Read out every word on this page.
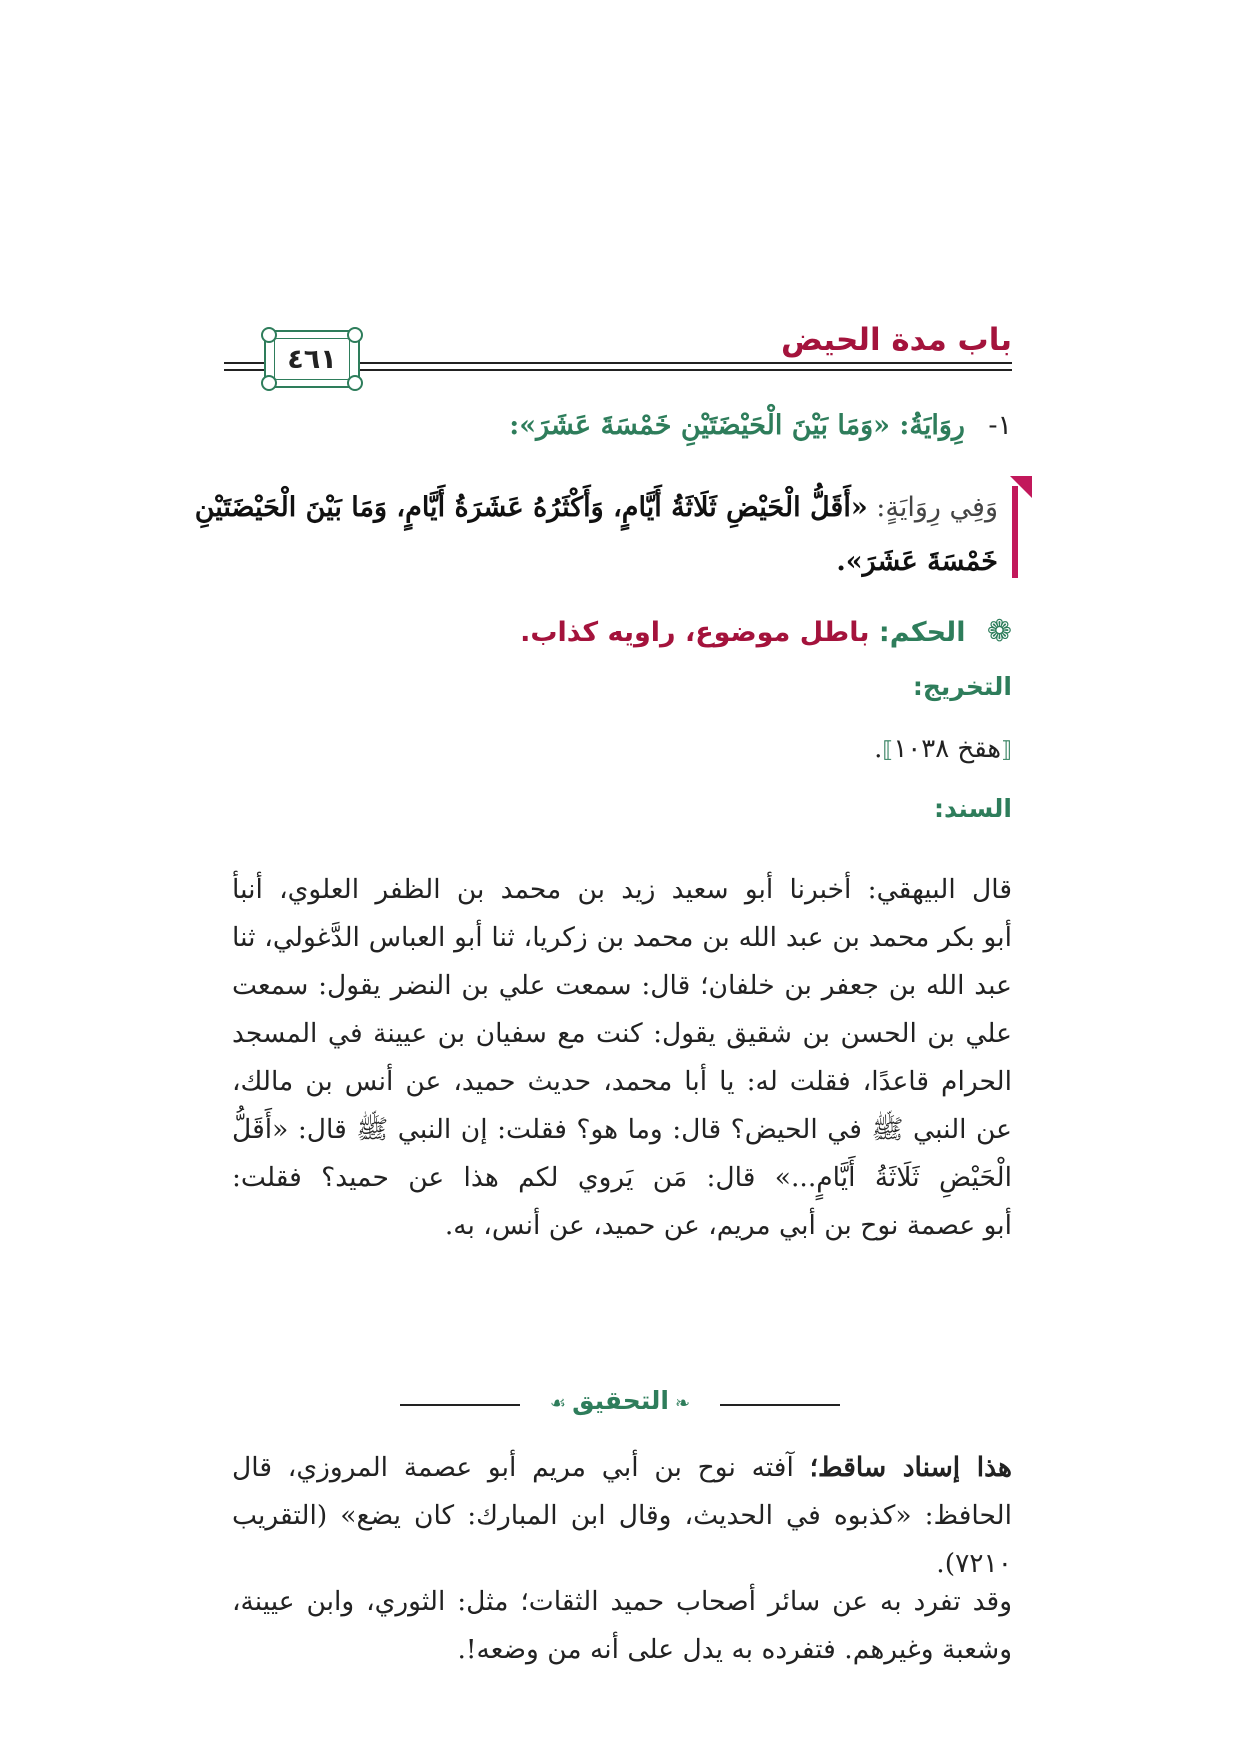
باب مدة الحيض
٤٦١
١- رِوَايَةُ: «وَمَا بَيْنَ الْحَيْضَتَيْنِ خَمْسَةَ عَشَرَ»:
وَفِي رِوَايَةٍ: «أَقَلُّ الْحَيْضِ ثَلَاثَةُ أَيَّامٍ، وَأَكْثَرُهُ عَشَرَةُ أَيَّامٍ، وَمَا بَيْنَ الْحَيْضَتَيْنِ
خَمْسَةَ عَشَرَ».
❁ الحكم: باطل موضوع، راويه كذاب.
التخريج:
⟦هقخ ١٠٣٨⟧.
السند:
قال البيهقي: أخبرنا أبو سعيد زيد بن محمد بن الظفر العلوي، أنبأ
أبو بكر محمد بن عبد الله بن محمد بن زكريا، ثنا أبو العباس الدَّغولي، ثنا
عبد الله بن جعفر بن خلفان؛ قال: سمعت علي بن النضر يقول: سمعت
علي بن الحسن بن شقيق يقول: كنت مع سفيان بن عيينة في المسجد
الحرام قاعدًا، فقلت له: يا أبا محمد، حديث حميد، عن أنس بن مالك،
عن النبي ﷺ في الحيض؟ قال: وما هو؟ فقلت: إن النبي ﷺ قال: «أَقَلُّ
الْحَيْضِ ثَلَاثَةُ أَيَّامٍ...» قال: مَن يَروي لكم هذا عن حميد؟ فقلت:
أبو عصمة نوح بن أبي مريم، عن حميد، عن أنس، به.
❧التحقيق☙
هذا إسناد ساقط؛ آفته نوح بن أبي مريم أبو عصمة المروزي، قال
الحافظ: «كذبوه في الحديث، وقال ابن المبارك: كان يضع» (التقريب
٧٢١٠).
وقد تفرد به عن سائر أصحاب حميد الثقات؛ مثل: الثوري، وابن عيينة،
وشعبة وغيرهم. فتفرده به يدل على أنه من وضعه!.
